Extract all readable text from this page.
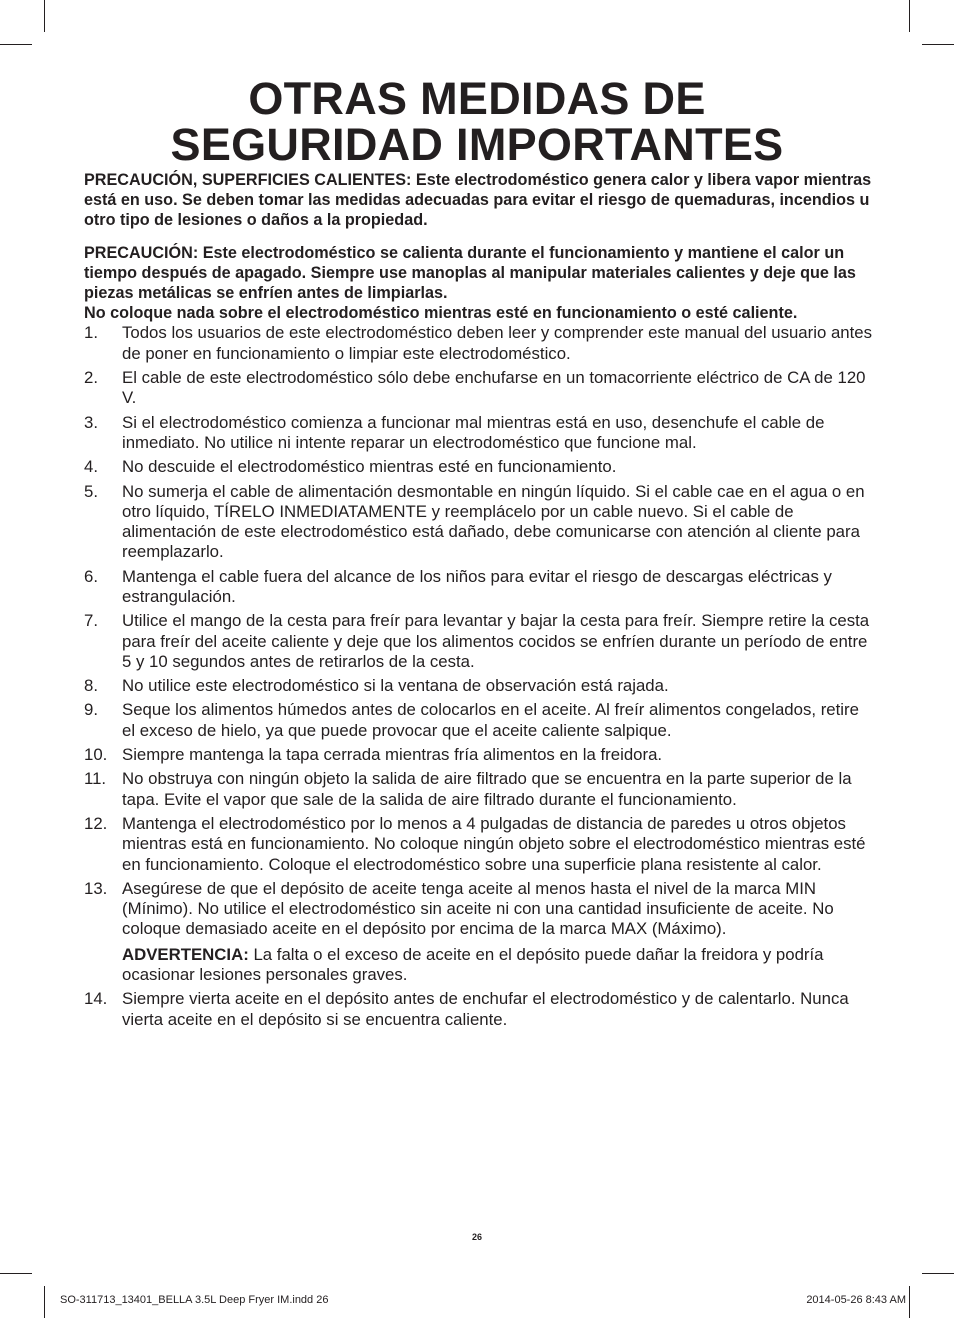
OTRAS MEDIDAS DE
SEGURIDAD IMPORTANTES

PRECAUCIÓN, SUPERFICIES CALIENTES: Este electrodoméstico genera calor y libera vapor mientras está en uso. Se deben tomar las medidas adecuadas para evitar el riesgo de quemaduras, incendios u otro tipo de lesiones o daños a la propiedad.

PRECAUCIÓN: Este electrodoméstico se calienta durante el funcionamiento y mantiene el calor un tiempo después de apagado. Siempre use manoplas al manipular materiales calientes y deje que las piezas metálicas se enfríen antes de limpiarlas.
No coloque nada sobre el electrodoméstico mientras esté en funcionamiento o esté caliente.

1. Todos los usuarios de este electrodoméstico deben leer y comprender este manual del usuario antes de poner en funcionamiento o limpiar este electrodoméstico.
2. El cable de este electrodoméstico sólo debe enchufarse en un tomacorriente eléctrico de CA de 120 V.
3. Si el electrodoméstico comienza a funcionar mal mientras está en uso, desenchufe el cable de inmediato. No utilice ni intente reparar un electrodoméstico que funcione mal.
4. No descuide el electrodoméstico mientras esté en funcionamiento.
5. No sumerja el cable de alimentación desmontable en ningún líquido. Si el cable cae en el agua o en otro líquido, TÍRELO INMEDIATAMENTE y reemplácelo por un cable nuevo. Si el cable de alimentación de este electrodoméstico está dañado, debe comunicarse con atención al cliente para reemplazarlo.
6. Mantenga el cable fuera del alcance de los niños para evitar el riesgo de descargas eléctricas y estrangulación.
7. Utilice el mango de la cesta para freír para levantar y bajar la cesta para freír. Siempre retire la cesta para freír del aceite caliente y deje que los alimentos cocidos se enfríen durante un período de entre 5 y 10 segundos antes de retirarlos de la cesta.
8. No utilice este electrodoméstico si la ventana de observación está rajada.
9. Seque los alimentos húmedos antes de colocarlos en el aceite. Al freír alimentos congelados, retire el exceso de hielo, ya que puede provocar que el aceite caliente salpique.
10. Siempre mantenga la tapa cerrada mientras fría alimentos en la freidora.
11. No obstruya con ningún objeto la salida de aire filtrado que se encuentra en la parte superior de la tapa. Evite el vapor que sale de la salida de aire filtrado durante el funcionamiento.
12. Mantenga el electrodoméstico por lo menos a 4 pulgadas de distancia de paredes u otros objetos mientras está en funcionamiento. No coloque ningún objeto sobre el electrodoméstico mientras esté en funcionamiento. Coloque el electrodoméstico sobre una superficie plana resistente al calor.
13. Asegúrese de que el depósito de aceite tenga aceite al menos hasta el nivel de la marca MIN (Mínimo). No utilice el electrodoméstico sin aceite ni con una cantidad insuficiente de aceite. No coloque demasiado aceite en el depósito por encima de la marca MAX (Máximo).
ADVERTENCIA: La falta o el exceso de aceite en el depósito puede dañar la freidora y podría ocasionar lesiones personales graves.
14. Siempre vierta aceite en el depósito antes de enchufar el electrodoméstico y de calentarlo. Nunca vierta aceite en el depósito si se encuentra caliente.
26
SO-311713_13401_BELLA 3.5L Deep Fryer IM.indd 26	2014-05-26 8:43 AM
